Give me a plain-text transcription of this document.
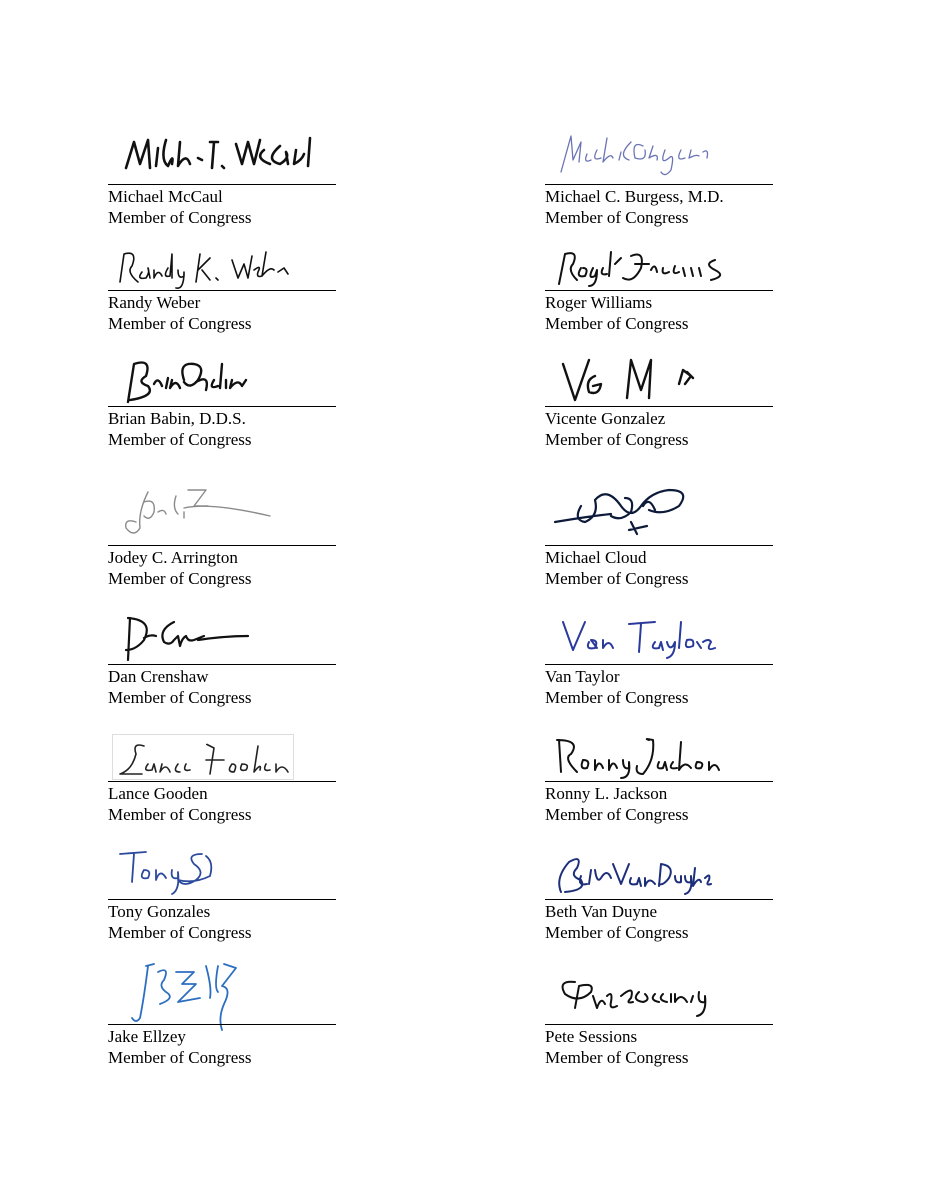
Michael McCaul
Member of Congress
Michael C. Burgess, M.D.
Member of Congress
Randy Weber
Member of Congress
Roger Williams
Member of Congress
Brian Babin, D.D.S.
Member of Congress
Vicente Gonzalez
Member of Congress
Jodey C. Arrington
Member of Congress
Michael Cloud
Member of Congress
Dan Crenshaw
Member of Congress
Van Taylor
Member of Congress
Lance Gooden
Member of Congress
Ronny L. Jackson
Member of Congress
Tony Gonzales
Member of Congress
Beth Van Duyne
Member of Congress
Jake Ellzey
Member of Congress
Pete Sessions
Member of Congress
